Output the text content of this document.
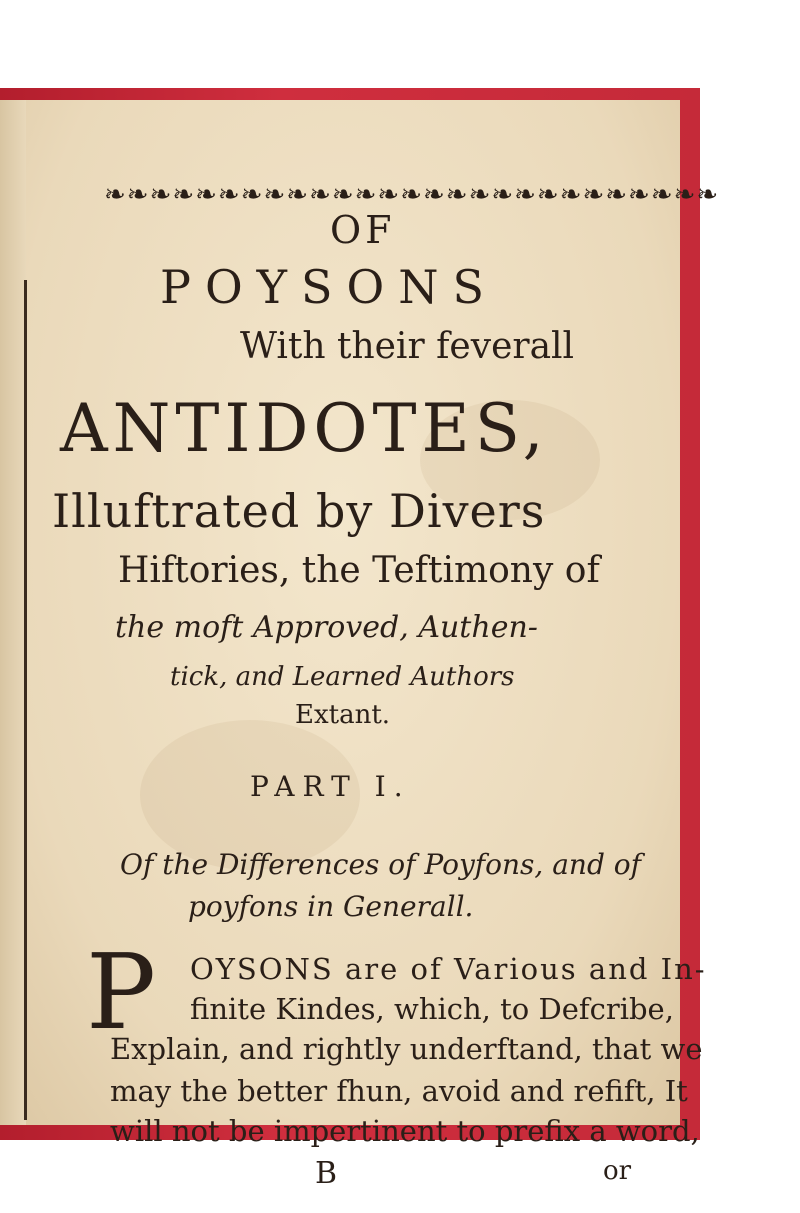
❧❧❧❧❧❧❧❧❧❧❧❧❧❧❧❧❧❧❧❧❧❧❧❧❧❧❧
OF
POYSONS
With their feverall
ANTIDOTES,
Illuftrated by Divers
Hiftories, the Teftimony of
the moft Approved, Authen-
tick, and Learned Authors
Extant.
PART I.
Of the Differences of Poyfons, and of
poyfons in Generall.
P OYSONS are of Various and In-
finite Kindes, which, to Defcribe,
Explain, and rightly underftand, that we
may the better fhun, avoid and refift, It
will not be impertinent to prefix a word,
B	or
